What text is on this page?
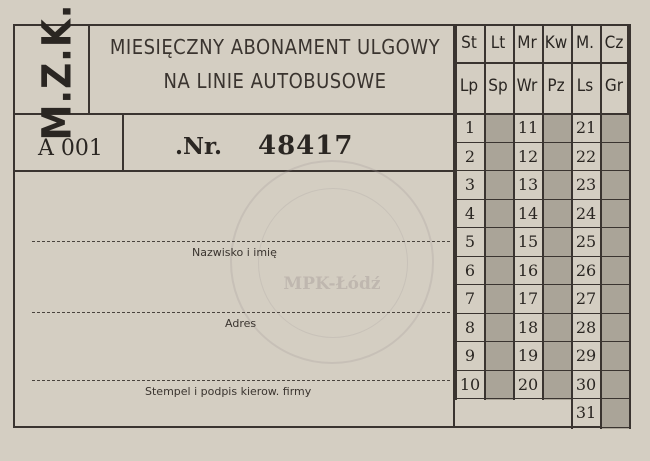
M.Z.K.	MIESIĘCZNY ABONAMENT ULGOWY
NA LINIE AUTOBUSOWE
A 001	.Nr. 48417
MPK-Łódź
Nazwisko i imię
Adres
Stempel i podpis kierow. firmy
St Lt Mr Kw M. Cz
Lp Sp Wr Pz Ls Gr
1
2
3
4
5
6
7
8
9
10
11
12
13
14
15
16
17
18
19
20
21
22
23
24
25
26
27
28
29
30
31
